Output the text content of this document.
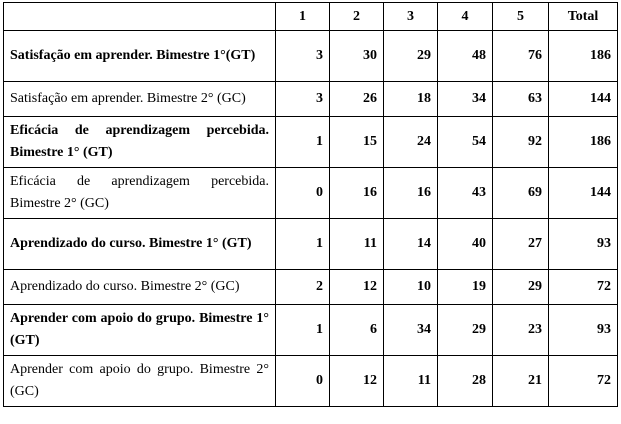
	1	2	3	4	5	Total
Satisfação em aprender. Bimestre 1°(GT)	3	30	29	48	76	186
Satisfação em aprender. Bimestre 2° (GC)	3	26	18	34	63	144
Eficácia de aprendizagem percebida. Bimestre 1° (GT)	1	15	24	54	92	186
Eficácia de aprendizagem percebida. Bimestre 2° (GC)	0	16	16	43	69	144
Aprendizado do curso. Bimestre 1° (GT)	1	11	14	40	27	93
Aprendizado do curso. Bimestre 2° (GC)	2	12	10	19	29	72
Aprender com apoio do grupo. Bimestre 1° (GT)	1	6	34	29	23	93
Aprender com apoio do grupo. Bimestre 2° (GC)	0	12	11	28	21	72
